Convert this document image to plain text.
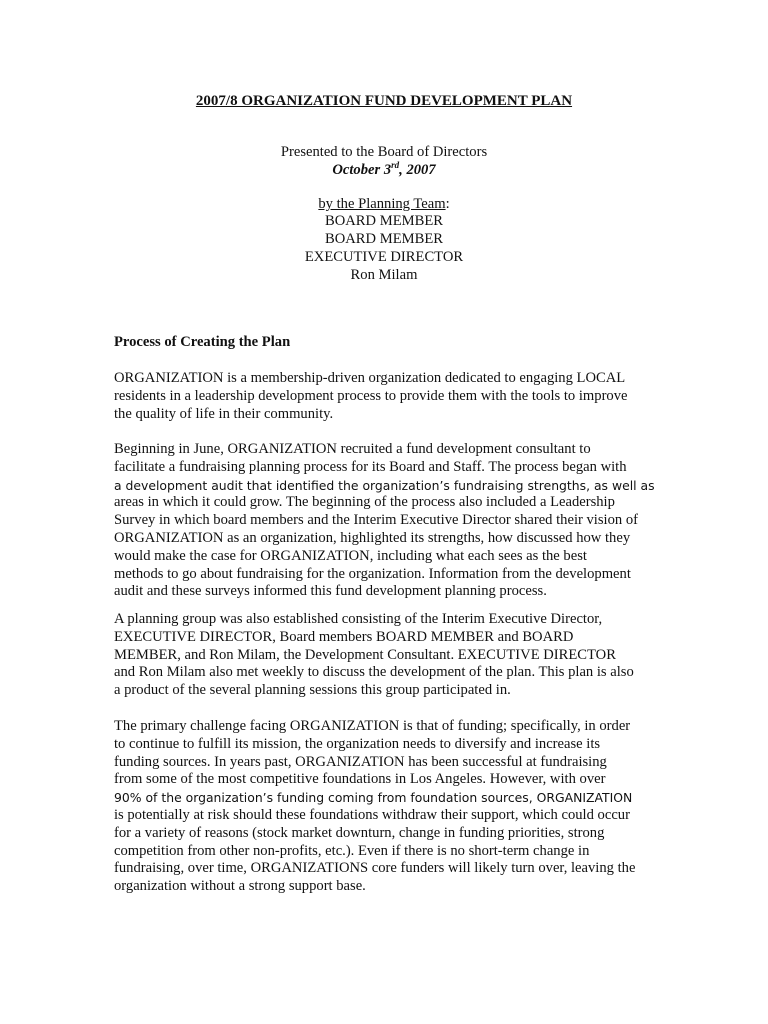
2007/8 ORGANIZATION FUND DEVELOPMENT PLAN
Presented to the Board of Directors
October 3rd, 2007
by the Planning Team:
BOARD MEMBER
BOARD MEMBER
EXECUTIVE DIRECTOR
Ron Milam
Process of Creating the Plan
ORGANIZATION is a membership-driven organization dedicated to engaging LOCAL
residents in a leadership development process to provide them with the tools to improve
the quality of life in their community.
Beginning in June, ORGANIZATION recruited a fund development consultant to
facilitate a fundraising planning process for its Board and Staff. The process began with
a development audit that identified the organization’s fundraising strengths, as well as
areas in which it could grow. The beginning of the process also included a Leadership
Survey in which board members and the Interim Executive Director shared their vision of
ORGANIZATION as an organization, highlighted its strengths, how discussed how they
would make the case for ORGANIZATION, including what each sees as the best
methods to go about fundraising for the organization. Information from the development
audit and these surveys informed this fund development planning process.
A planning group was also established consisting of the Interim Executive Director,
EXECUTIVE DIRECTOR, Board members BOARD MEMBER and BOARD
MEMBER, and Ron Milam, the Development Consultant. EXECUTIVE DIRECTOR
and Ron Milam also met weekly to discuss the development of the plan. This plan is also
a product of the several planning sessions this group participated in.
The primary challenge facing ORGANIZATION is that of funding; specifically, in order
to continue to fulfill its mission, the organization needs to diversify and increase its
funding sources. In years past, ORGANIZATION has been successful at fundraising
from some of the most competitive foundations in Los Angeles. However, with over
90% of the organization’s funding coming from foundation sources, ORGANIZATION
is potentially at risk should these foundations withdraw their support, which could occur
for a variety of reasons (stock market downturn, change in funding priorities, strong
competition from other non-profits, etc.). Even if there is no short-term change in
fundraising, over time, ORGANIZATIONS core funders will likely turn over, leaving the
organization without a strong support base.
